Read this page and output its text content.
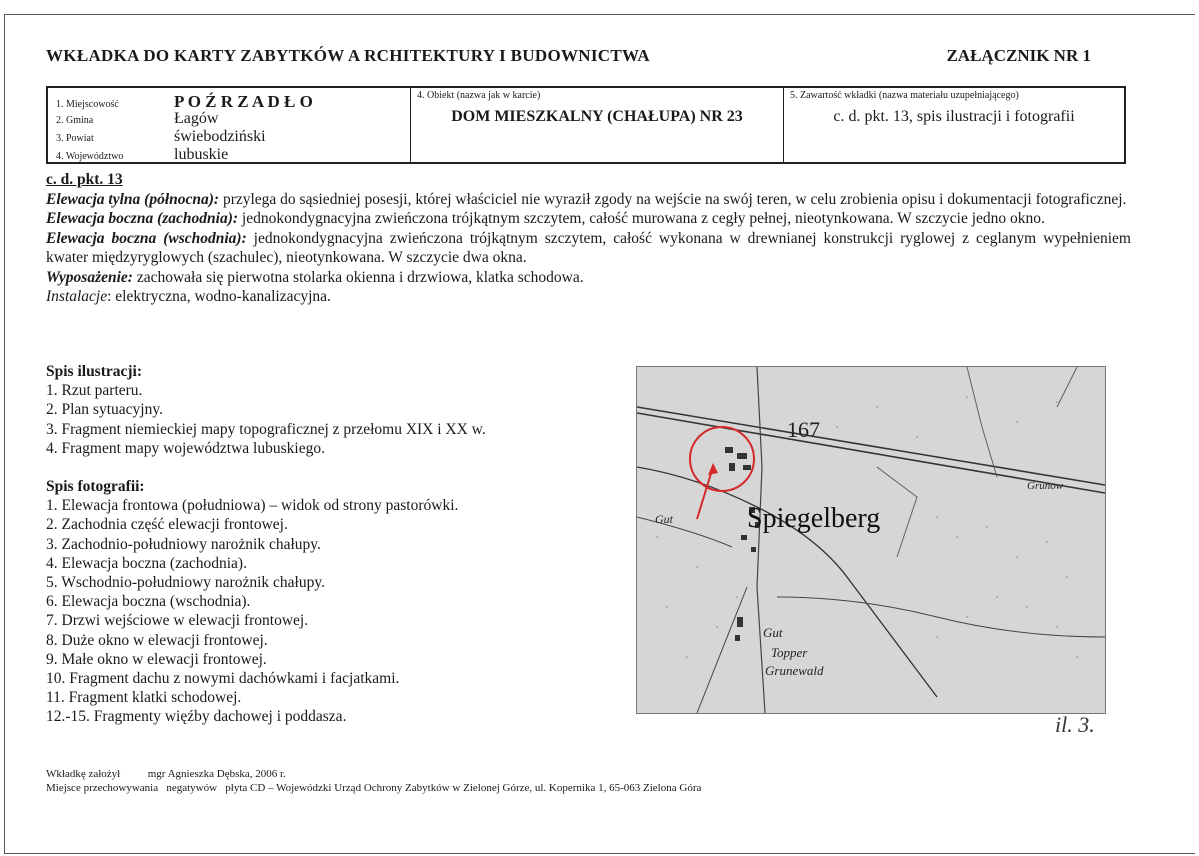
WKŁADKA DO KARTY ZABYTKÓW A RCHITEKTURY I BUDOWNICTWA	ZAŁĄCZNIK NR 1
1. Miejscowość	P O Ź R Z A D Ł O
2. Gmina	Łagów
3. Powiat	świebodziński
4. Województwo	lubuskie

4. Obiekt (nazwa jak w karcie)
DOM MIESZKALNY (CHAŁUPA) NR 23

5. Zawartość wkładki (nazwa materiału uzupełniającego)
c. d. pkt. 13, spis ilustracji i fotografii

c. d. pkt. 13

Elewacja tylna (północna): przylega do sąsiedniej posesji, której właściciel nie wyraził zgody na wejście na swój teren, w celu zrobienia opisu i dokumentacji fotograficznej.

Elewacja boczna (zachodnia): jednokondygnacyjna zwieńczona trójkątnym szczytem, całość murowana z cegły pełnej, nieotynkowana. W szczycie jedno okno.

Elewacja boczna (wschodnia): jednokondygnacyjna zwieńczona trójkątnym szczytem, całość wykonana w drewnianej konstrukcji ryglowej z ceglanym wypełnieniem kwater międzyryglowych (szachulec), nieotynkowana. W szczycie dwa okna.

Wyposażenie: zachowała się pierwotna stolarka okienna i drzwiowa, klatka schodowa.

Instalacje: elektryczna, wodno-kanalizacyjna.

Spis ilustracji:
1. Rzut parteru.
2. Plan sytuacyjny.
3. Fragment niemieckiej mapy topograficznej z przełomu XIX i XX w.
4. Fragment mapy województwa lubuskiego.
Spis fotografii:
1. Elewacja frontowa (południowa) – widok od strony pastorówki.
2. Zachodnia część elewacji frontowej.
3. Zachodnio-południowy narożnik chałupy.
4. Elewacja boczna (zachodnia).
5. Wschodnio-południowy narożnik chałupy.
6. Elewacja boczna (wschodnia).
7. Drzwi wejściowe w elewacji frontowej.
8. Duże okno w elewacji frontowej.
9. Małe okno w elewacji frontowej.
10. Fragment dachu z nowymi dachówkami i facjatkami.
11. Fragment klatki schodowej.
12.-15. Fragmenty więźby dachowej i poddasza.
167
Spiegelberg
Gut
Gut
Topper
Grunewald
Grunow
il. 3.
Wkładkę założył          mgr Agnieszka Dębska, 2006 r.
Miejsce przechowywania   negatywów   płyta CD – Wojewódzki Urząd Ochrony Zabytków w Zielonej Górze, ul. Kopernika 1, 65-063 Zielona Góra
